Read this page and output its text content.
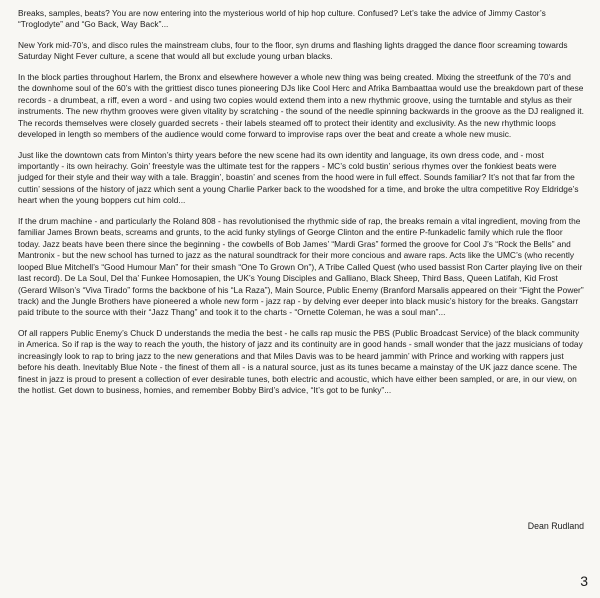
Breaks, samples, beats? You are now entering into the mysterious world of hip hop culture. Confused? Let’s take the advice of Jimmy Castor’s “Troglodyte” and “Go Back, Way Back”...

New York mid-70’s, and disco rules the mainstream clubs, four to the floor, syn drums and flashing lights dragged the dance floor screaming towards Saturday Night Fever culture, a scene that would all but exclude young urban blacks.

In the block parties throughout Harlem, the Bronx and elsewhere however a whole new thing was being created. Mixing the streetfunk of the 70’s and the downhome soul of the 60’s with the grittiest disco tunes pioneering DJs like Cool Herc and Afrika Bambaattaa would use the breakdown part of these records - a drumbeat, a riff, even a word - and using two copies would extend them into a new rhythmic groove, using the turntable and stylus as their instruments. The new rhythm grooves were given vitality by scratching - the sound of the needle spinning backwards in the groove as the DJ realigned it. The records themselves were closely guarded secrets - their labels steamed off to protect their identity and exclusivity. As the new rhythmic loops developed in length so members of the audience would come forward to improvise raps over the beat and create a whole new music.

Just like the downtown cats from Minton’s thirty years before the new scene had its own identity and language, its own dress code, and - most importantly - its own heirachy. Goin’ freestyle was the ultimate test for the rappers - MC’s cold bustin’ serious rhymes over the fonkiest beats were judged for their style and their way with a tale. Braggin’, boastin’ and scenes from the hood were in full effect. Sounds familiar? It’s not that far from the cuttin’ sessions of the history of jazz which sent a young Charlie Parker back to the woodshed for a time, and broke the ultra competitive Roy Eldridge’s heart when the young boppers cut him cold...

If the drum machine - and particularly the Roland 808 - has revolutionised the rhythmic side of rap, the breaks remain a vital ingredient, moving from the familiar James Brown beats, screams and grunts, to the acid funky stylings of George Clinton and the entire P-funkadelic family which rule the floor today. Jazz beats have been there since the beginning - the cowbells of Bob James’ “Mardi Gras” formed the groove for Cool J’s “Rock the Bells” and Mantronix - but the new school has turned to jazz as the natural soundtrack for their more concious and aware raps. Acts like the UMC’s (who recently looped Blue Mitchell’s “Good Humour Man” for their smash “One To Grown On”), A Tribe Called Quest (who used bassist Ron Carter playing live on their last record). De La Soul, Del tha’ Funkee Homosapien, the UK’s Young Disciples and Galliano, Black Sheep, Third Bass, Queen Latifah, Kid Frost (Gerard Wilson’s “Viva Tirado” forms the backbone of his “La Raza”), Main Source, Public Enemy (Branford Marsalis appeared on their “Fight the Power” track) and the Jungle Brothers have pioneered a whole new form - jazz rap - by delving ever deeper into black music’s history for the breaks. Gangstarr paid tribute to the source with their “Jazz Thang” and took it to the charts - “Ornette Coleman, he was a soul man”...

Of all rappers Public Enemy’s Chuck D understands the media the best - he calls rap music the PBS (Public Broadcast Service) of the black community in America. So if rap is the way to reach the youth, the history of jazz and its continuity are in good hands - small wonder that the jazz musicians of today increasingly look to rap to bring jazz to the new generations and that Miles Davis was to be heard jammin’ with Prince and working with rappers just before his death. Inevitably Blue Note - the finest of them all - is a natural source, just as its tunes became a mainstay of the UK jazz dance scene. The finest in jazz is proud to present a collection of ever desirable tunes, both electric and acoustic, which have either been sampled, or are, in our view, on the hotlist. Get down to business, homies, and remember Bobby Bird’s advice, “It’s got to be funky”...

Dean Rudland
3
